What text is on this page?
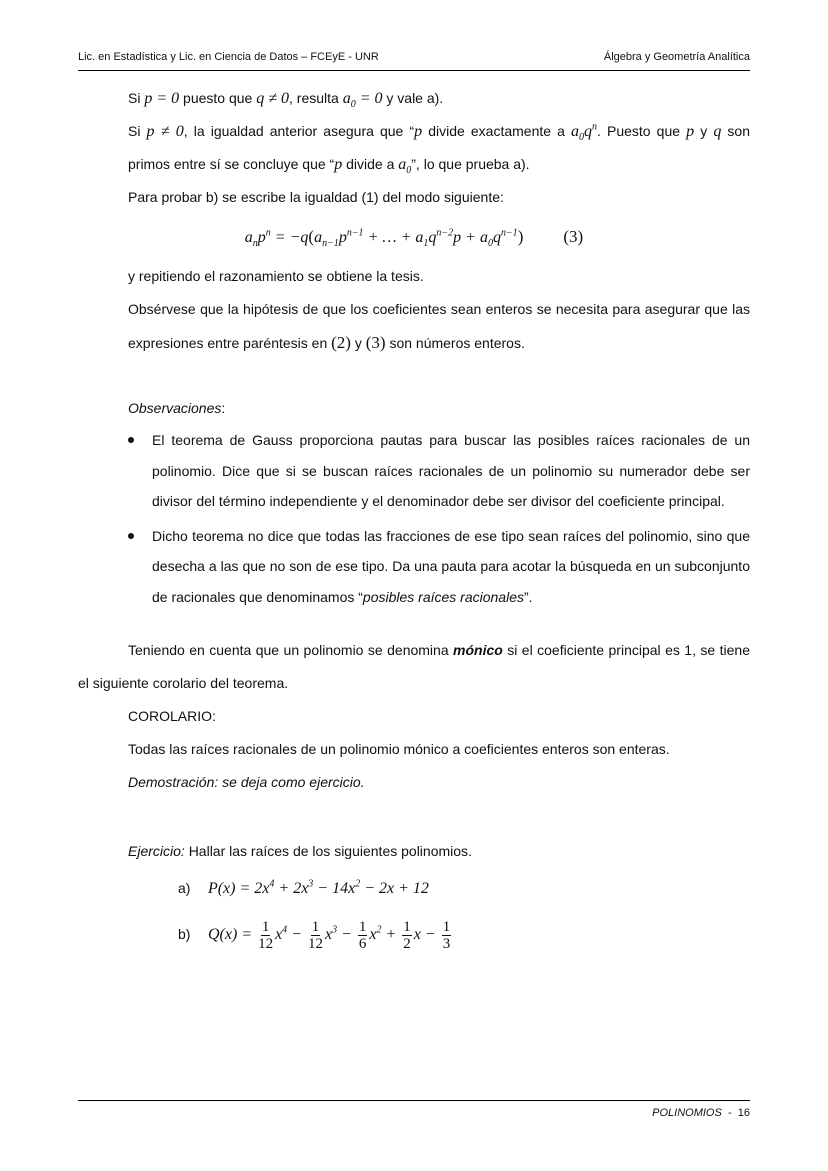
Lic. en Estadística y Lic. en Ciencia de Datos – FCEyE - UNR	Álgebra y Geometría Analítica

Si p = 0 puesto que q ≠ 0, resulta $a_0 = 0$ y vale a).

Si p ≠ 0, la igualdad anterior asegura que “p divide exactamente a $a_0q^n$. Puesto que p y q son primos entre sí se concluye que “p divide a $a_0$”, lo que prueba a).

Para probar b) se escribe la igualdad (1) del modo siguiente:

$a_np^n = -q(a_{n-1}p^{n-1}$ + … + $a_1q^{n-2}p + a_0q^{n-1}$) (3)

y repitiendo el razonamiento se obtiene la tesis.

Obsérvese que la hipótesis de que los coeficientes sean enteros se necesita para asegurar que las expresiones entre paréntesis en (2) y (3) son números enteros.

Observaciones:

El teorema de Gauss proporciona pautas para buscar las posibles raíces racionales de un polinomio. Dice que si se buscan raíces racionales de un polinomio su numerador debe ser divisor del término independiente y el denominador debe ser divisor del coeficiente principal.
Dicho teorema no dice que todas las fracciones de ese tipo sean raíces del polinomio, sino que desecha a las que no son de ese tipo. Da una pauta para acotar la búsqueda en un subconjunto de racionales que denominamos “posibles raíces racionales”.

Teniendo en cuenta que un polinomio se denomina mónico si el coeficiente principal es 1, se tiene el siguiente corolario del teorema.

COROLARIO:

Todas las raíces racionales de un polinomio mónico a coeficientes enteros son enteras.

Demostración: se deja como ejercicio.

Ejercicio: Hallar las raíces de los siguientes polinomios.

a) $P(x) = 2x^4 + 2x^3 - 14x^2 - 2x + 12$
b) $Q(x) = \frac{1}{12} x^4 - \frac{1}{12} x^3 - \frac{1}{6} x^2 + \frac{1}{2}$ $x - \frac{1}{3}$
POLINOMIOS - 16
